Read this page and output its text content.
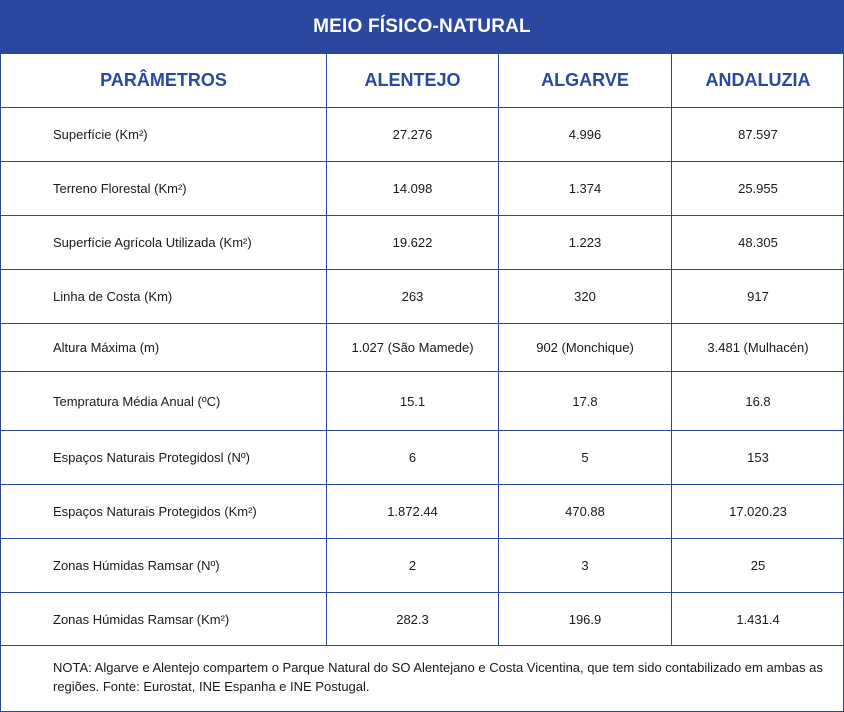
MEIO FÍSICO-NATURAL
PARÂMETROS	ALENTEJO	ALGARVE	ANDALUZIA
Superfície (Km²)	27.276	4.996	87.597
Terreno Florestal (Km²)	14.098	1.374	25.955
Superfície Agrícola Utilizada (Km²)	19.622	1.223	48.305
Linha de Costa (Km)	263	320	917
Altura Máxima (m)	1.027 (São Mamede)	902 (Monchique)	3.481 (Mulhacén)
Tempratura Média Anual (ºC)	15.1	17.8	16.8
Espaços Naturais Protegidosl (Nº)	6	5	153
Espaços Naturais Protegidos (Km²)	1.872.44	470.88	17.020.23
Zonas Húmidas Ramsar (Nº)	2	3	25
Zonas Húmidas Ramsar (Km²)	282.3	196.9	1.431.4
NOTA: Algarve e Alentejo compartem o Parque Natural do SO Alentejano e Costa Vicentina, que tem sido contabilizado em ambas as regiões. Fonte: Eurostat, INE Espanha e INE Postugal.
